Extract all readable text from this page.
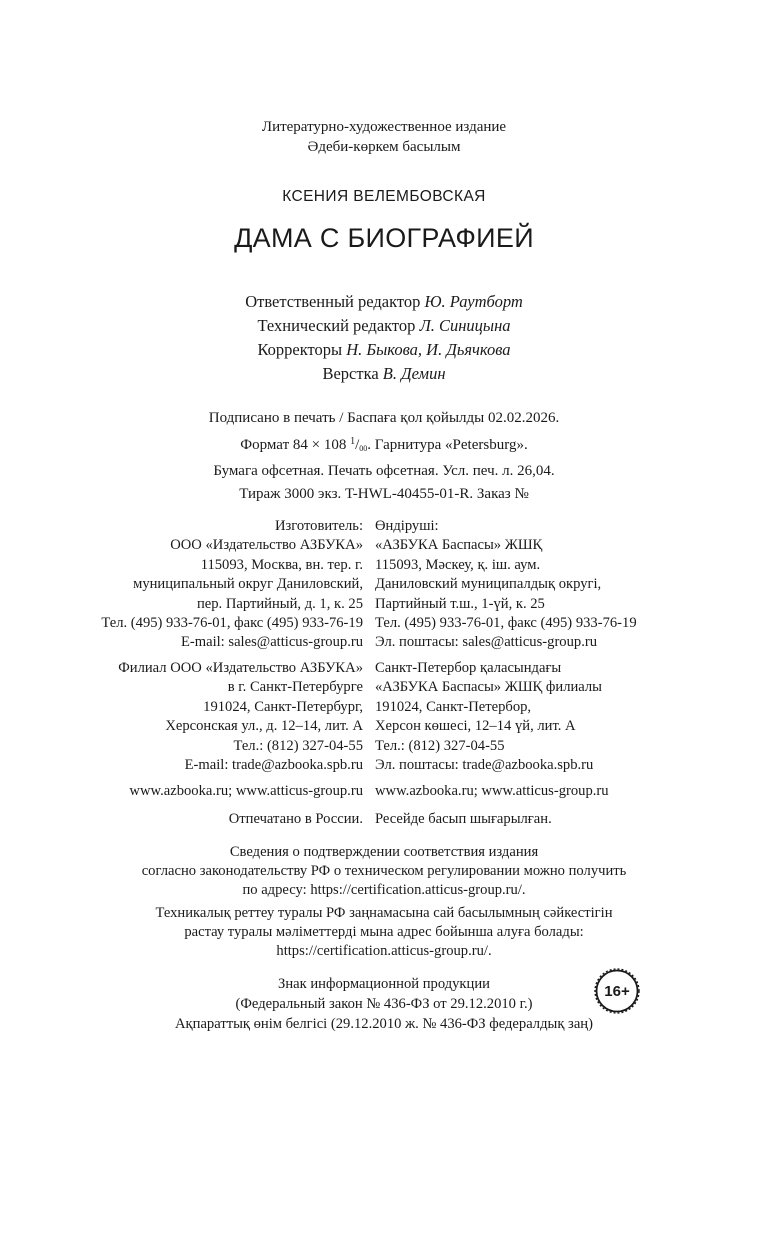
Литературно-художественное издание
Әдеби-көркем басылым
КСЕНИЯ ВЕЛЕМБОВСКАЯ
ДАМА С БИОГРАФИЕЙ
Ответственный редактор Ю. Раутборт
Технический редактор Л. Синицына
Корректоры Н. Быкова, И. Дьячкова
Верстка В. Демин
Подписано в печать / Баспаға қол қойылды 02.02.2026.
Формат 84 × 108 $^1/_{00}$. Гарнитура «Petersburg».
Бумага офсетная. Печать офсетная. Усл. печ. л. 26,04.
Тираж 3000 экз. T-HWL-40455-01-R. Заказ №
Изготовитель:
ООО «Издательство АЗБУКА»
115093, Москва, вн. тер. г.
муниципальный округ Даниловский,
пер. Партийный, д. 1, к. 25
Тел. (495) 933-76-01, факс (495) 933-76-19
E-mail: sales@atticus-group.ru
Өндіруші:
«АЗБУКА Баспасы» ЖШҚ
115093, Мәскеу, қ. іш. аум.
Даниловский муниципалдық округі,
Партийный т.ш., 1-үй, к. 25
Тел. (495) 933-76-01, факс (495) 933-76-19
Эл. поштасы: sales@atticus-group.ru
Филиал ООО «Издательство АЗБУКА»
в г. Санкт-Петербурге
191024, Санкт-Петербург,
Херсонская ул., д. 12–14, лит. А
Тел.: (812) 327-04-55
E-mail: trade@azbooka.spb.ru
Санкт-Петербор қаласындағы
«АЗБУКА Баспасы» ЖШҚ филиалы
191024, Санкт-Петербор,
Херсон көшесі, 12–14 үй, лит. А
Тел.: (812) 327-04-55
Эл. поштасы: trade@azbooka.spb.ru
www.azbooka.ru; www.atticus-group.ru www.azbooka.ru; www.atticus-group.ru
Отпечатано в России. Ресейде басып шығарылған.
Сведения о подтверждении соответствия издания
согласно законодательству РФ о техническом регулировании можно получить
по адресу: https://certification.atticus-group.ru/.
Техникалық реттеу туралы РФ заңнамасына сай басылымның сәйкестігін
растау туралы мәліметтерді мына адрес бойынша алуға болады:
https://certification.atticus-group.ru/.
Знак информационной продукции
(Федеральный закон № 436-ФЗ от 29.12.2010 г.)
Ақпараттық өнім белгісі (29.12.2010 ж. № 436-ФЗ федералдық заң)
16+
